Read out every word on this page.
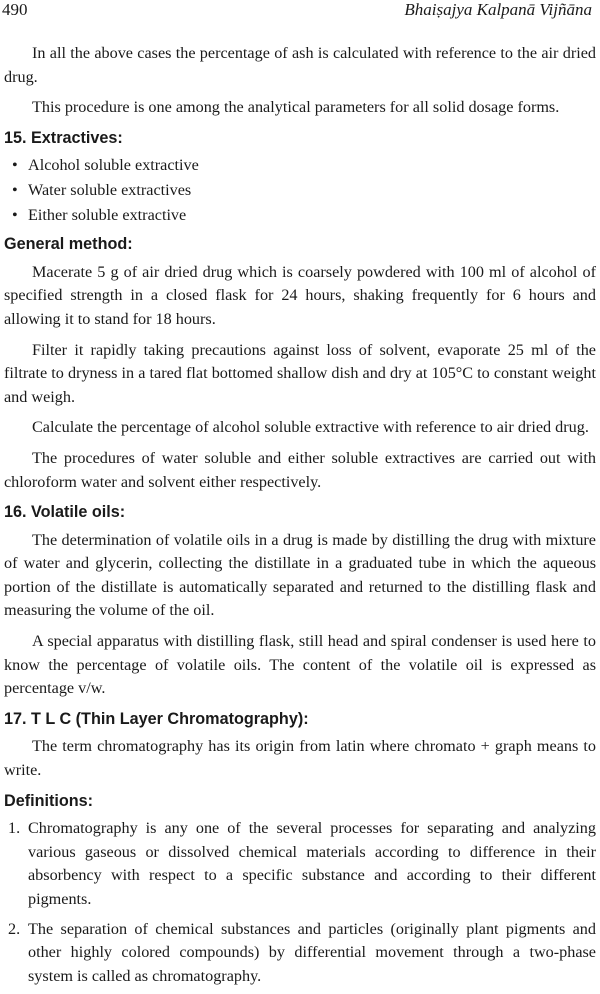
490	Bhaiṣajya Kalpanā Vijñāna

In all the above cases the percentage of ash is calculated with reference to the air dried drug.

This procedure is one among the analytical parameters for all solid dosage forms.

15. Extractives:
• Alcohol soluble extractive
• Water soluble extractives
• Either soluble extractive
General method:

Macerate 5 g of air dried drug which is coarsely powdered with 100 ml of alcohol of specified strength in a closed flask for 24 hours, shaking frequently for 6 hours and allowing it to stand for 18 hours.

Filter it rapidly taking precautions against loss of solvent, evaporate 25 ml of the filtrate to dryness in a tared flat bottomed shallow dish and dry at 105°C to constant weight and weigh.

Calculate the percentage of alcohol soluble extractive with reference to air dried drug.

The procedures of water soluble and either soluble extractives are carried out with chloroform water and solvent either respectively.

16. Volatile oils:

The determination of volatile oils in a drug is made by distilling the drug with mixture of water and glycerin, collecting the distillate in a graduated tube in which the aqueous portion of the distillate is automatically separated and returned to the distilling flask and measuring the volume of the oil.

A special apparatus with distilling flask, still head and spiral condenser is used here to know the percentage of volatile oils. The content of the volatile oil is expressed as percentage v/w.

17. T L C (Thin Layer Chromatography):

The term chromatography has its origin from latin where chromato + graph means to write.

Definitions:
1. Chromatography is any one of the several processes for separating and analyzing various gaseous or dissolved chemical materials according to difference in their absorbency with respect to a specific substance and according to their different pigments.
2. The separation of chemical substances and particles (originally plant pigments and other highly colored compounds) by differential movement through a two-phase system is called as chromatography.
